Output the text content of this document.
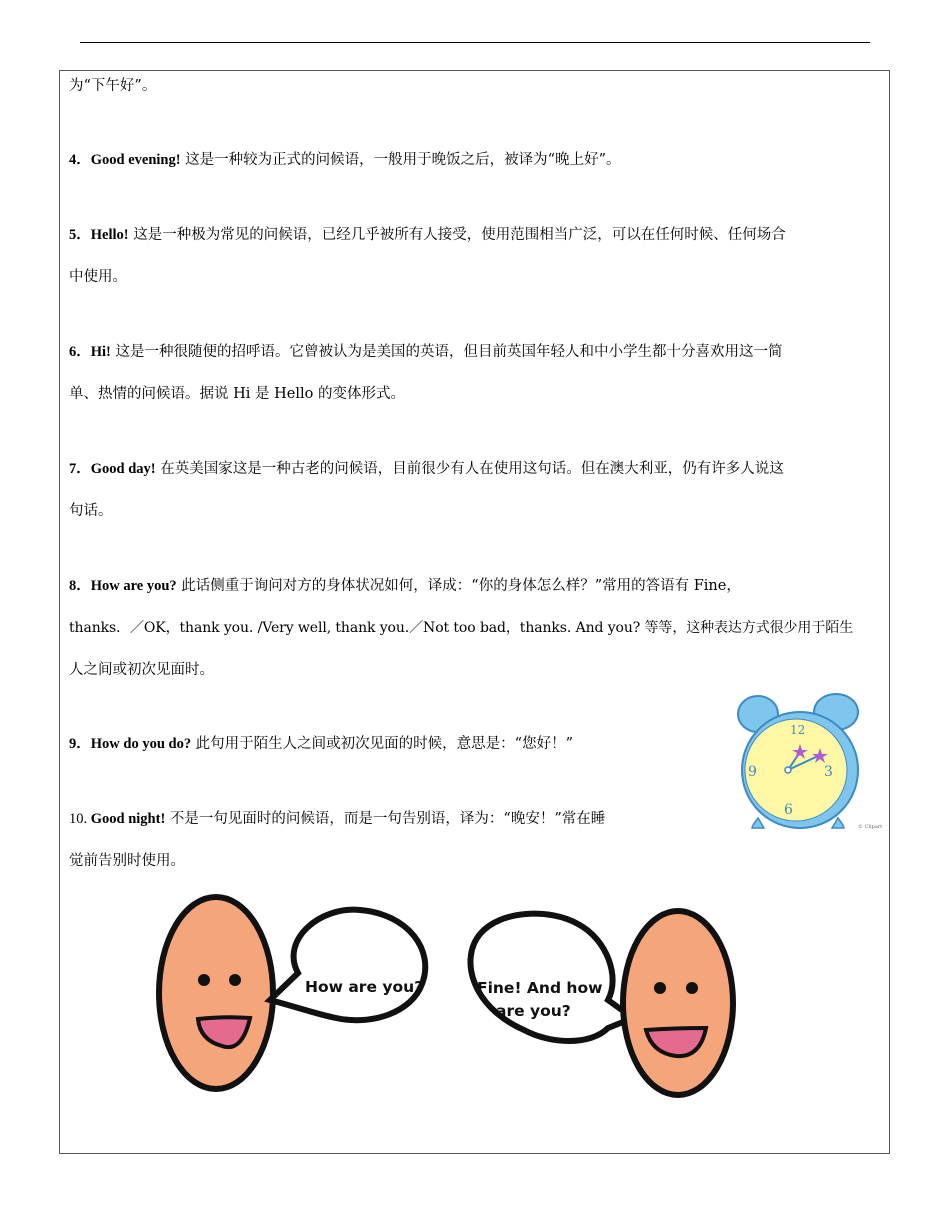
为“下午好”。
4．Good evening! 这是一种较为正式的问候语，一般用于晚饭之后，被译为“晚上好”。
5．Hello! 这是一种极为常见的问候语，已经几乎被所有人接受，使用范围相当广泛，可以在任何时候、任何场合
中使用。
6．Hi! 这是一种很随便的招呼语。它曾被认为是美国的英语，但目前英国年轻人和中小学生都十分喜欢用这一简
单、热情的问候语。据说 Hi 是 Hello 的变体形式。
7．Good day! 在英美国家这是一种古老的问候语，目前很少有人在使用这句话。但在澳大利亚，仍有许多人说这
句话。
8．How are you? 此话侧重于询问对方的身体状况如何，译成：“你的身体怎么样？”常用的答语有 Fine，
thanks．／OK，thank you. /Very well, thank you.／Not too bad，thanks. And you? 等等，这种表达方式很少用于陌生
人之间或初次见面时。
9．How do you do? 此句用于陌生人之间或初次见面的时候，意思是：“您好！”
10. Good night! 不是一句见面时的问候语，而是一句告别语，译为：“晚安！”常在睡
觉前告别时使用。
12
3
6
9
© Clipart
How are you?	Fine! And how
are you?
